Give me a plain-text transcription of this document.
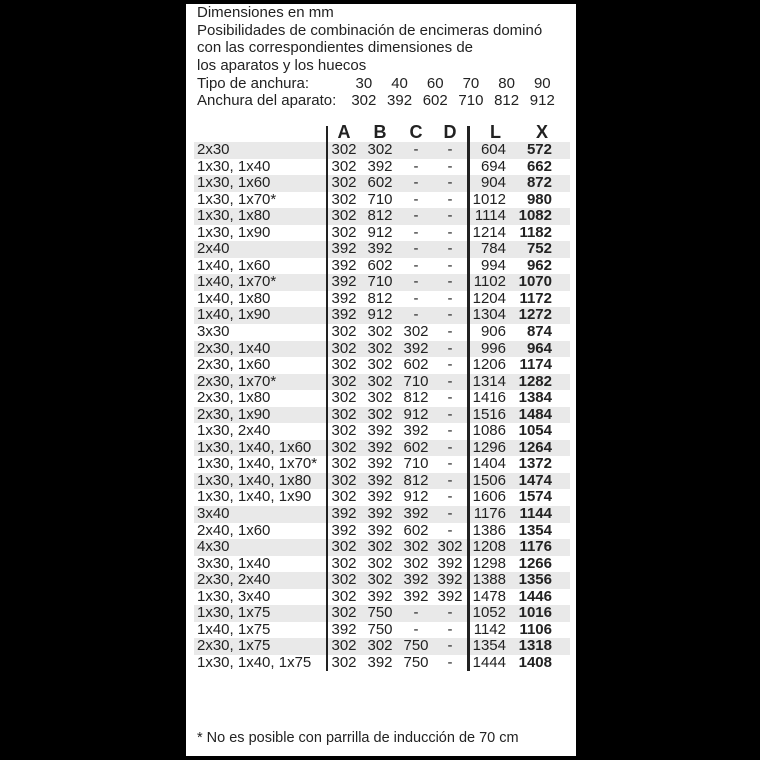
Dimensiones en mm
Posibilidades de combinación de encimeras dominó
con las correspondientes dimensiones de
los aparatos y los huecos
Tipo de anchura:	30	40	60	70	80	90
Anchura del aparato:	302 392 602 710 812 912
A	B	C	D	L	X
2x30	302 302	-	-	604	572
1x30, 1x40	302 392	-	-	694	662
1x30, 1x60	302 602	-	-	904	872
1x30, 1x70*	302 710	-	-	1012	980
1x30, 1x80	302 812	-	-	1114 1082
1x30, 1x90	302 912	-	-	1214 1182
2x40	392 392	-	-	784	752
1x40, 1x60	392 602	-	-	994	962
1x40, 1x70*	392 710	-	-	1102 1070
1x40, 1x80	392 812	-	-	1204 1172
1x40, 1x90	392 912	-	-	1304 1272
3x30	302 302 302	-	906	874
2x30, 1x40	302 302 392	-	996	964
2x30, 1x60	302 302 602	-	1206 1174
2x30, 1x70*	302 302 710	-	1314 1282
2x30, 1x80	302 302 812	-	1416 1384
2x30, 1x90	302 302 912	-	1516 1484
1x30, 2x40	302 392 392	-	1086 1054
1x30, 1x40, 1x60	302 392 602	-	1296 1264
1x30, 1x40, 1x70* 302 392 710	-	1404 1372
1x30, 1x40, 1x80	302 392 812	-	1506 1474
1x30, 1x40, 1x90	302 392 912	-	1606 1574
3x40	392 392 392	-	1176 1144
2x40, 1x60	392 392 602	-	1386 1354
4x30	302 302 302 302 1208 1176
3x30, 1x40	302 302 302 392 1298 1266
2x30, 2x40	302 302 392 392 1388 1356
1x30, 3x40	302 392 392 392 1478 1446
1x30, 1x75	302 750	-	-	1052 1016
1x40, 1x75	392 750	-	-	1142 1106
2x30, 1x75	302 302 750	-	1354 1318
1x30, 1x40, 1x75	302 392 750	-	1444 1408
* No es posible con parrilla de inducción de 70 cm
